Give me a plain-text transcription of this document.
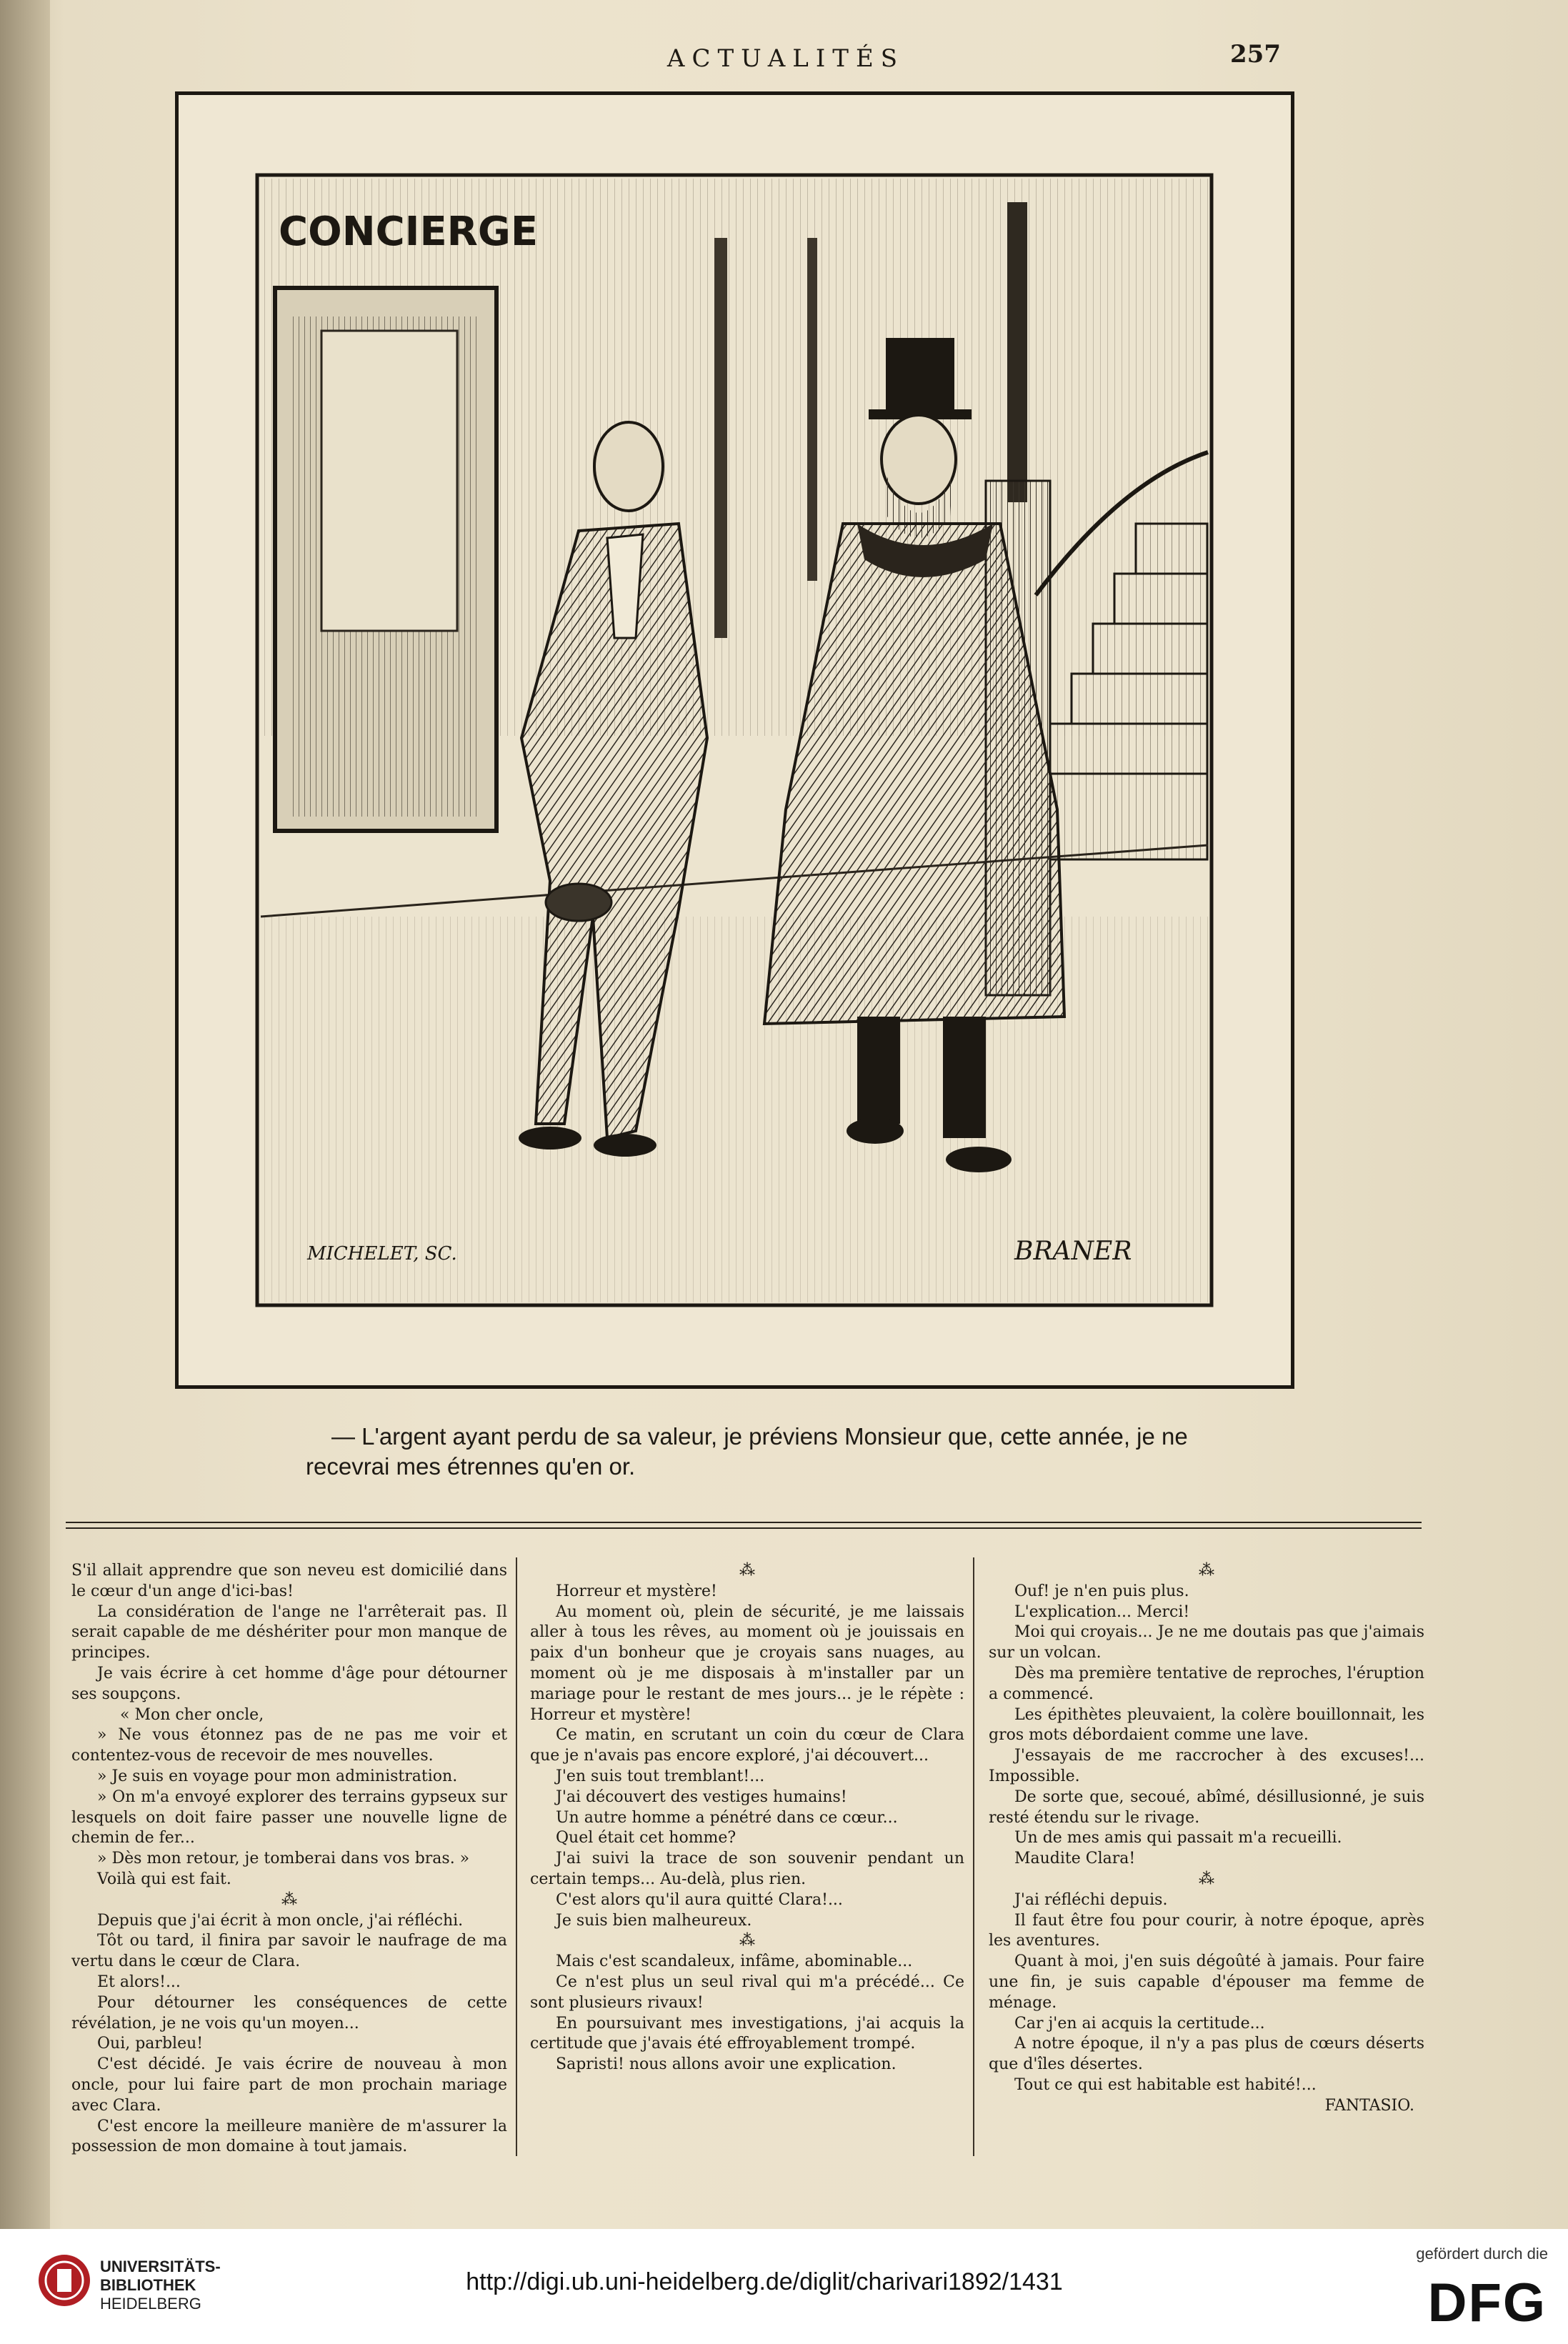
ACTUALITÉS	257
CONCIERGE
MICHELET, SC.	BRANER

— L'argent ayant perdu de sa valeur, je préviens Monsieur que, cette année, je ne

recevrai mes étrennes qu'en or.

S'il allait apprendre que son neveu est domicilié dans le cœur d'un ange d'ici-bas!

La considération de l'ange ne l'arrêterait pas. Il serait capable de me déshériter pour mon manque de principes.

Je vais écrire à cet homme d'âge pour détourner ses soupçons.

« Mon cher oncle,

» Ne vous étonnez pas de ne pas me voir et contentez-vous de recevoir de mes nouvelles.

» Je suis en voyage pour mon administration.

» On m'a envoyé explorer des terrains gypseux sur lesquels on doit faire passer une nouvelle ligne de chemin de fer...

» Dès mon retour, je tomberai dans vos bras. »

Voilà qui est fait.

⁂

Depuis que j'ai écrit à mon oncle, j'ai réfléchi.

Tôt ou tard, il finira par savoir le naufrage de ma vertu dans le cœur de Clara.

Et alors!...

Pour détourner les conséquences de cette révélation, je ne vois qu'un moyen...

Oui, parbleu!

C'est décidé. Je vais écrire de nouveau à mon oncle, pour lui faire part de mon prochain mariage avec Clara.

C'est encore la meilleure manière de m'assurer la possession de mon domaine à tout jamais.

⁂

Horreur et mystère!

Au moment où, plein de sécurité, je me laissais aller à tous les rêves, au moment où je jouissais en paix d'un bonheur que je croyais sans nuages, au moment où je me disposais à m'installer par un mariage pour le restant de mes jours... je le répète : Horreur et mystère!

Ce matin, en scrutant un coin du cœur de Clara que je n'avais pas encore exploré, j'ai découvert...

J'en suis tout tremblant!...

J'ai découvert des vestiges humains!

Un autre homme a pénétré dans ce cœur...

Quel était cet homme?

J'ai suivi la trace de son souvenir pendant un certain temps... Au-delà, plus rien.

C'est alors qu'il aura quitté Clara!...

Je suis bien malheureux.

⁂

Mais c'est scandaleux, infâme, abominable...

Ce n'est plus un seul rival qui m'a précédé... Ce sont plusieurs rivaux!

En poursuivant mes investigations, j'ai acquis la certitude que j'avais été effroyablement trompé.

Sapristi! nous allons avoir une explication.

⁂

Ouf! je n'en puis plus.

L'explication... Merci!

Moi qui croyais... Je ne me doutais pas que j'aimais sur un volcan.

Dès ma première tentative de reproches, l'éruption a commencé.

Les épithètes pleuvaient, la colère bouillonnait, les gros mots débordaient comme une lave.

J'essayais de me raccrocher à des excuses!... Impossible.

De sorte que, secoué, abîmé, désillusionné, je suis resté étendu sur le rivage.

Un de mes amis qui passait m'a recueilli.

Maudite Clara!

⁂

J'ai réfléchi depuis.

Il faut être fou pour courir, à notre époque, après les aventures.

Quant à moi, j'en suis dégoûté à jamais. Pour faire une fin, je suis capable d'épouser ma femme de ménage.

Car j'en ai acquis la certitude...

A notre époque, il n'y a pas plus de cœurs déserts que d'îles désertes.

Tout ce qui est habitable est habité!...

FANTASIO.

UNIVERSITÄTS-
BIBLIOTHEK
HEIDELBERG
http://digi.ub.uni-heidelberg.de/diglit/charivari1892/1431
gefördert durch die
DFG
